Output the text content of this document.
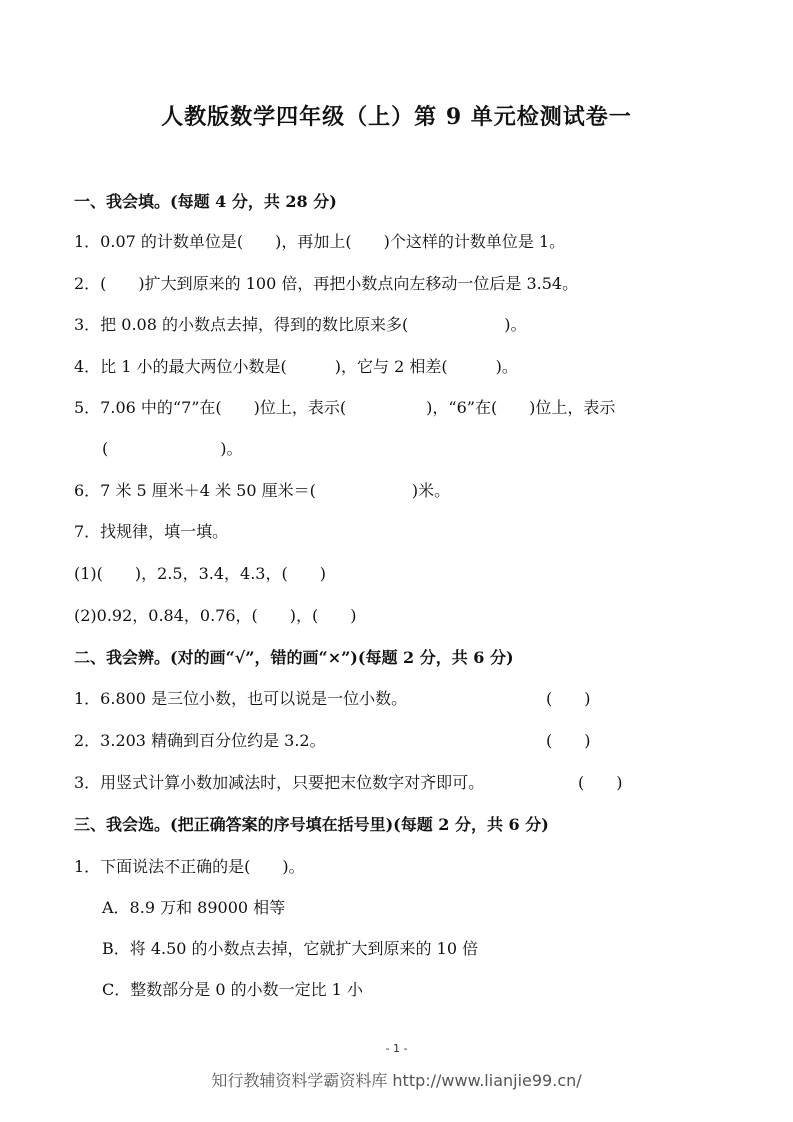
人教版数学四年级（上）第 9 单元检测试卷一
一、我会填。(每题 4 分，共 28 分)
1．0.07 的计数单位是(　　)，再加上(　　)个这样的计数单位是 1。
2．(　　)扩大到原来的 100 倍，再把小数点向左移动一位后是 3.54。
3．把 0.08 的小数点去掉，得到的数比原来多(　　　　　　)。
4．比 1 小的最大两位小数是(　　　)，它与 2 相差(　　　)。
5．7.06 中的“7”在(　　)位上，表示(　　　　　)，“6”在(　　)位上，表示
(　　　　　　　)。
6．7 米 5 厘米＋4 米 50 厘米＝(　　　　　　)米。
7．找规律，填一填。
(1)(　　)，2.5，3.4，4.3，(　　)
(2)0.92，0.84，0.76，(　　)，(　　)
二、我会辨。(对的画“√”，错的画“×”)(每题 2 分，共 6 分)
1．6.800 是三位小数，也可以说是一位小数。	(　　)
2．3.203 精确到百分位约是 3.2。	(　　)
3．用竖式计算小数加减法时，只要把末位数字对齐即可。	(　　)
三、我会选。(把正确答案的序号填在括号里)(每题 2 分，共 6 分)
1．下面说法不正确的是(　　)。
A．8.9 万和 89000 相等
B．将 4.50 的小数点去掉，它就扩大到原来的 10 倍
C．整数部分是 0 的小数一定比 1 小
- 1 -
知行教辅资料学霸资料库 http://www.lianjie99.cn/
